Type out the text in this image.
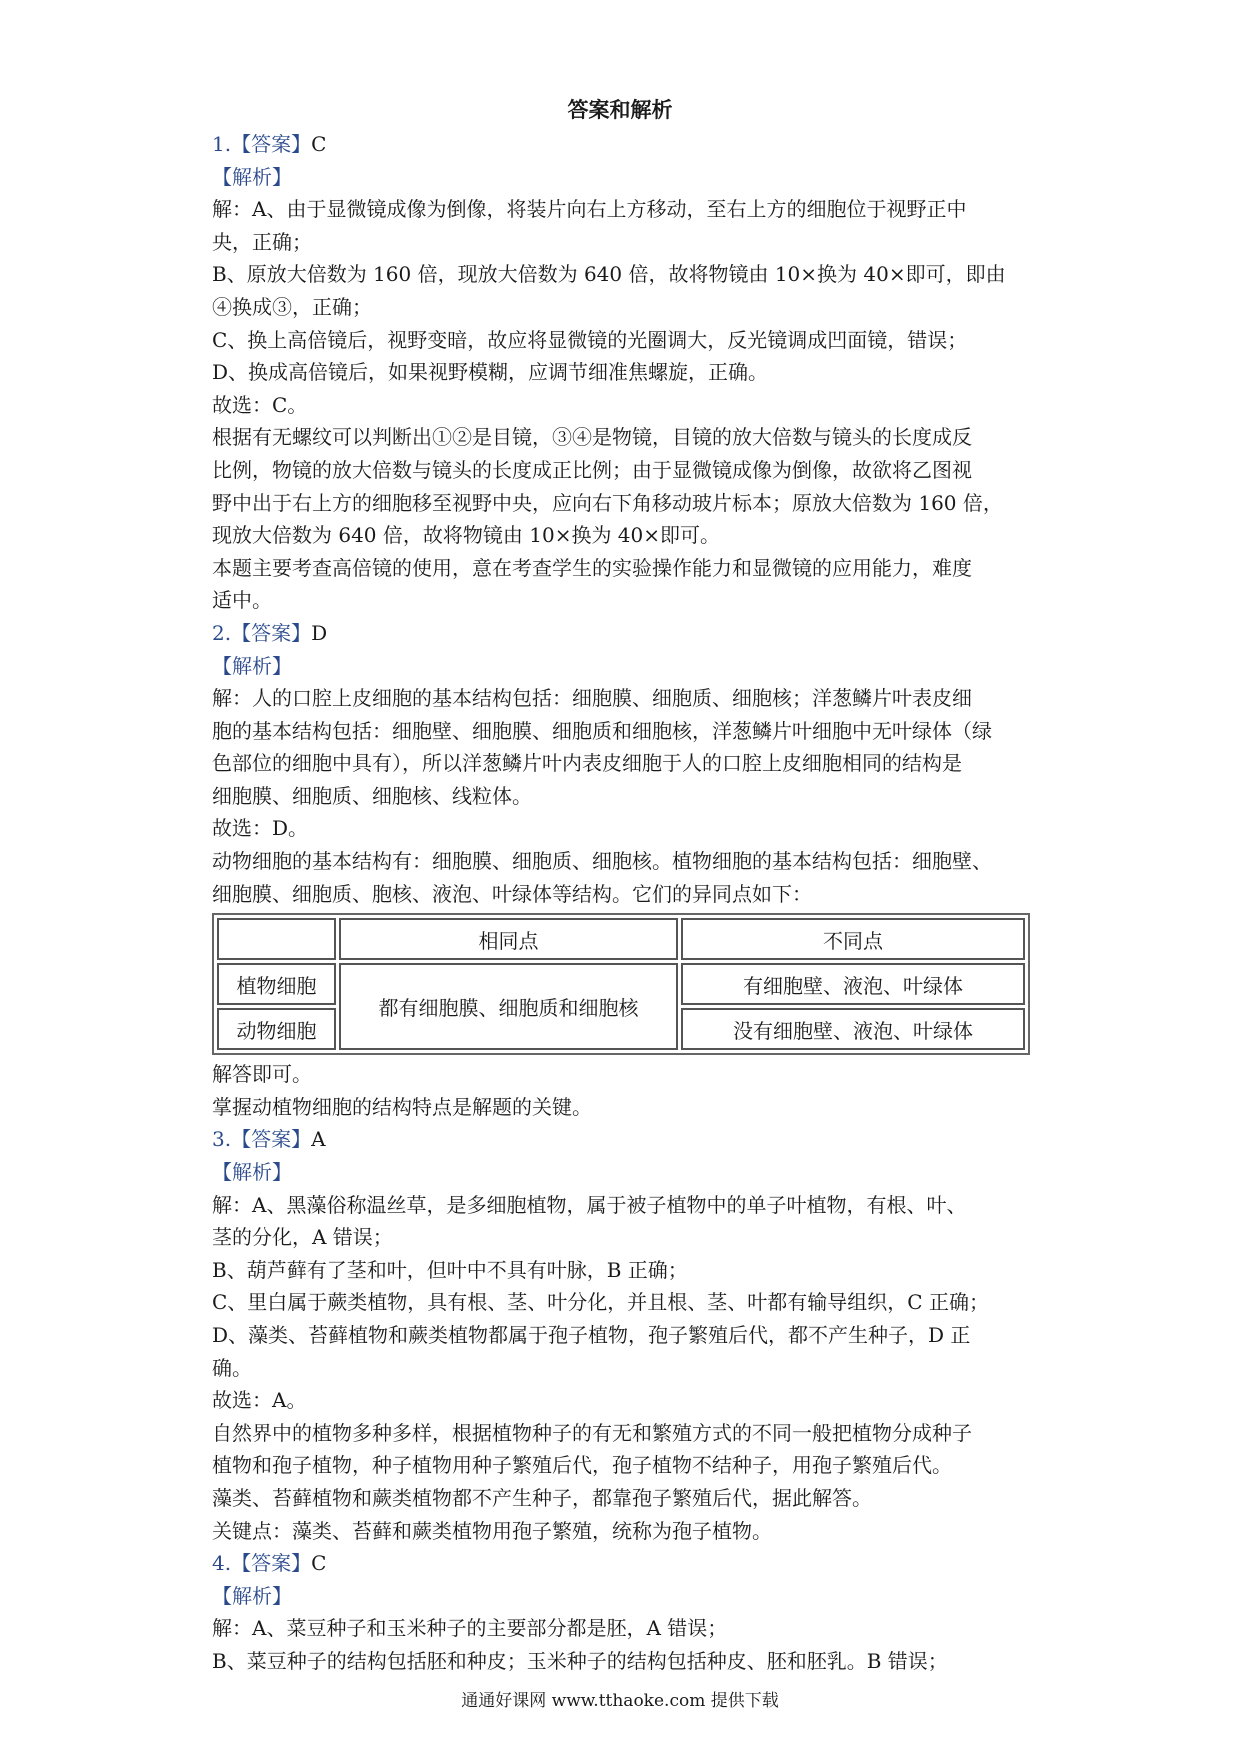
答案和解析
1.【答案】C
【解析】
解：A、由于显微镜成像为倒像，将装片向右上方移动，至右上方的细胞位于视野正中
央，正确；
B、原放大倍数为 160 倍，现放大倍数为 640 倍，故将物镜由 10×换为 40×即可，即由
④换成③，正确；
C、换上高倍镜后，视野变暗，故应将显微镜的光圈调大，反光镜调成凹面镜，错误；
D、换成高倍镜后，如果视野模糊，应调节细准焦螺旋，正确。
故选：C。
根据有无螺纹可以判断出①②是目镜，③④是物镜，目镜的放大倍数与镜头的长度成反
比例，物镜的放大倍数与镜头的长度成正比例；由于显微镜成像为倒像，故欲将乙图视
野中出于右上方的细胞移至视野中央，应向右下角移动玻片标本；原放大倍数为 160 倍，
现放大倍数为 640 倍，故将物镜由 10×换为 40×即可。
本题主要考查高倍镜的使用，意在考查学生的实验操作能力和显微镜的应用能力，难度
适中。
2.【答案】D
【解析】
解：人的口腔上皮细胞的基本结构包括：细胞膜、细胞质、细胞核；洋葱鳞片叶表皮细
胞的基本结构包括：细胞壁、细胞膜、细胞质和细胞核，洋葱鳞片叶细胞中无叶绿体（绿
色部位的细胞中具有），所以洋葱鳞片叶内表皮细胞于人的口腔上皮细胞相同的结构是
细胞膜、细胞质、细胞核、线粒体。
故选：D。
动物细胞的基本结构有：细胞膜、细胞质、细胞核。植物细胞的基本结构包括：细胞壁、
细胞膜、细胞质、胞核、液泡、叶绿体等结构。它们的异同点如下：
	相同点	不同点
植物细胞	都有细胞膜、细胞质和细胞核	有细胞壁、液泡、叶绿体
动物细胞		没有细胞壁、液泡、叶绿体
解答即可。
掌握动植物细胞的结构特点是解题的关键。
3.【答案】A
【解析】
解：A、黑藻俗称温丝草，是多细胞植物，属于被子植物中的单子叶植物，有根、叶、
茎的分化，A 错误；
B、葫芦藓有了茎和叶，但叶中不具有叶脉，B 正确；
C、里白属于蕨类植物，具有根、茎、叶分化，并且根、茎、叶都有输导组织，C 正确；
D、藻类、苔藓植物和蕨类植物都属于孢子植物，孢子繁殖后代，都不产生种子，D 正
确。
故选：A。
自然界中的植物多种多样，根据植物种子的有无和繁殖方式的不同一般把植物分成种子
植物和孢子植物，种子植物用种子繁殖后代，孢子植物不结种子，用孢子繁殖后代。
藻类、苔藓植物和蕨类植物都不产生种子，都靠孢子繁殖后代，据此解答。
关键点：藻类、苔藓和蕨类植物用孢子繁殖，统称为孢子植物。
4.【答案】C
【解析】
解：A、菜豆种子和玉米种子的主要部分都是胚，A 错误；
B、菜豆种子的结构包括胚和种皮；玉米种子的结构包括种皮、胚和胚乳。B 错误；
通通好课网 www.tthaoke.com 提供下载
